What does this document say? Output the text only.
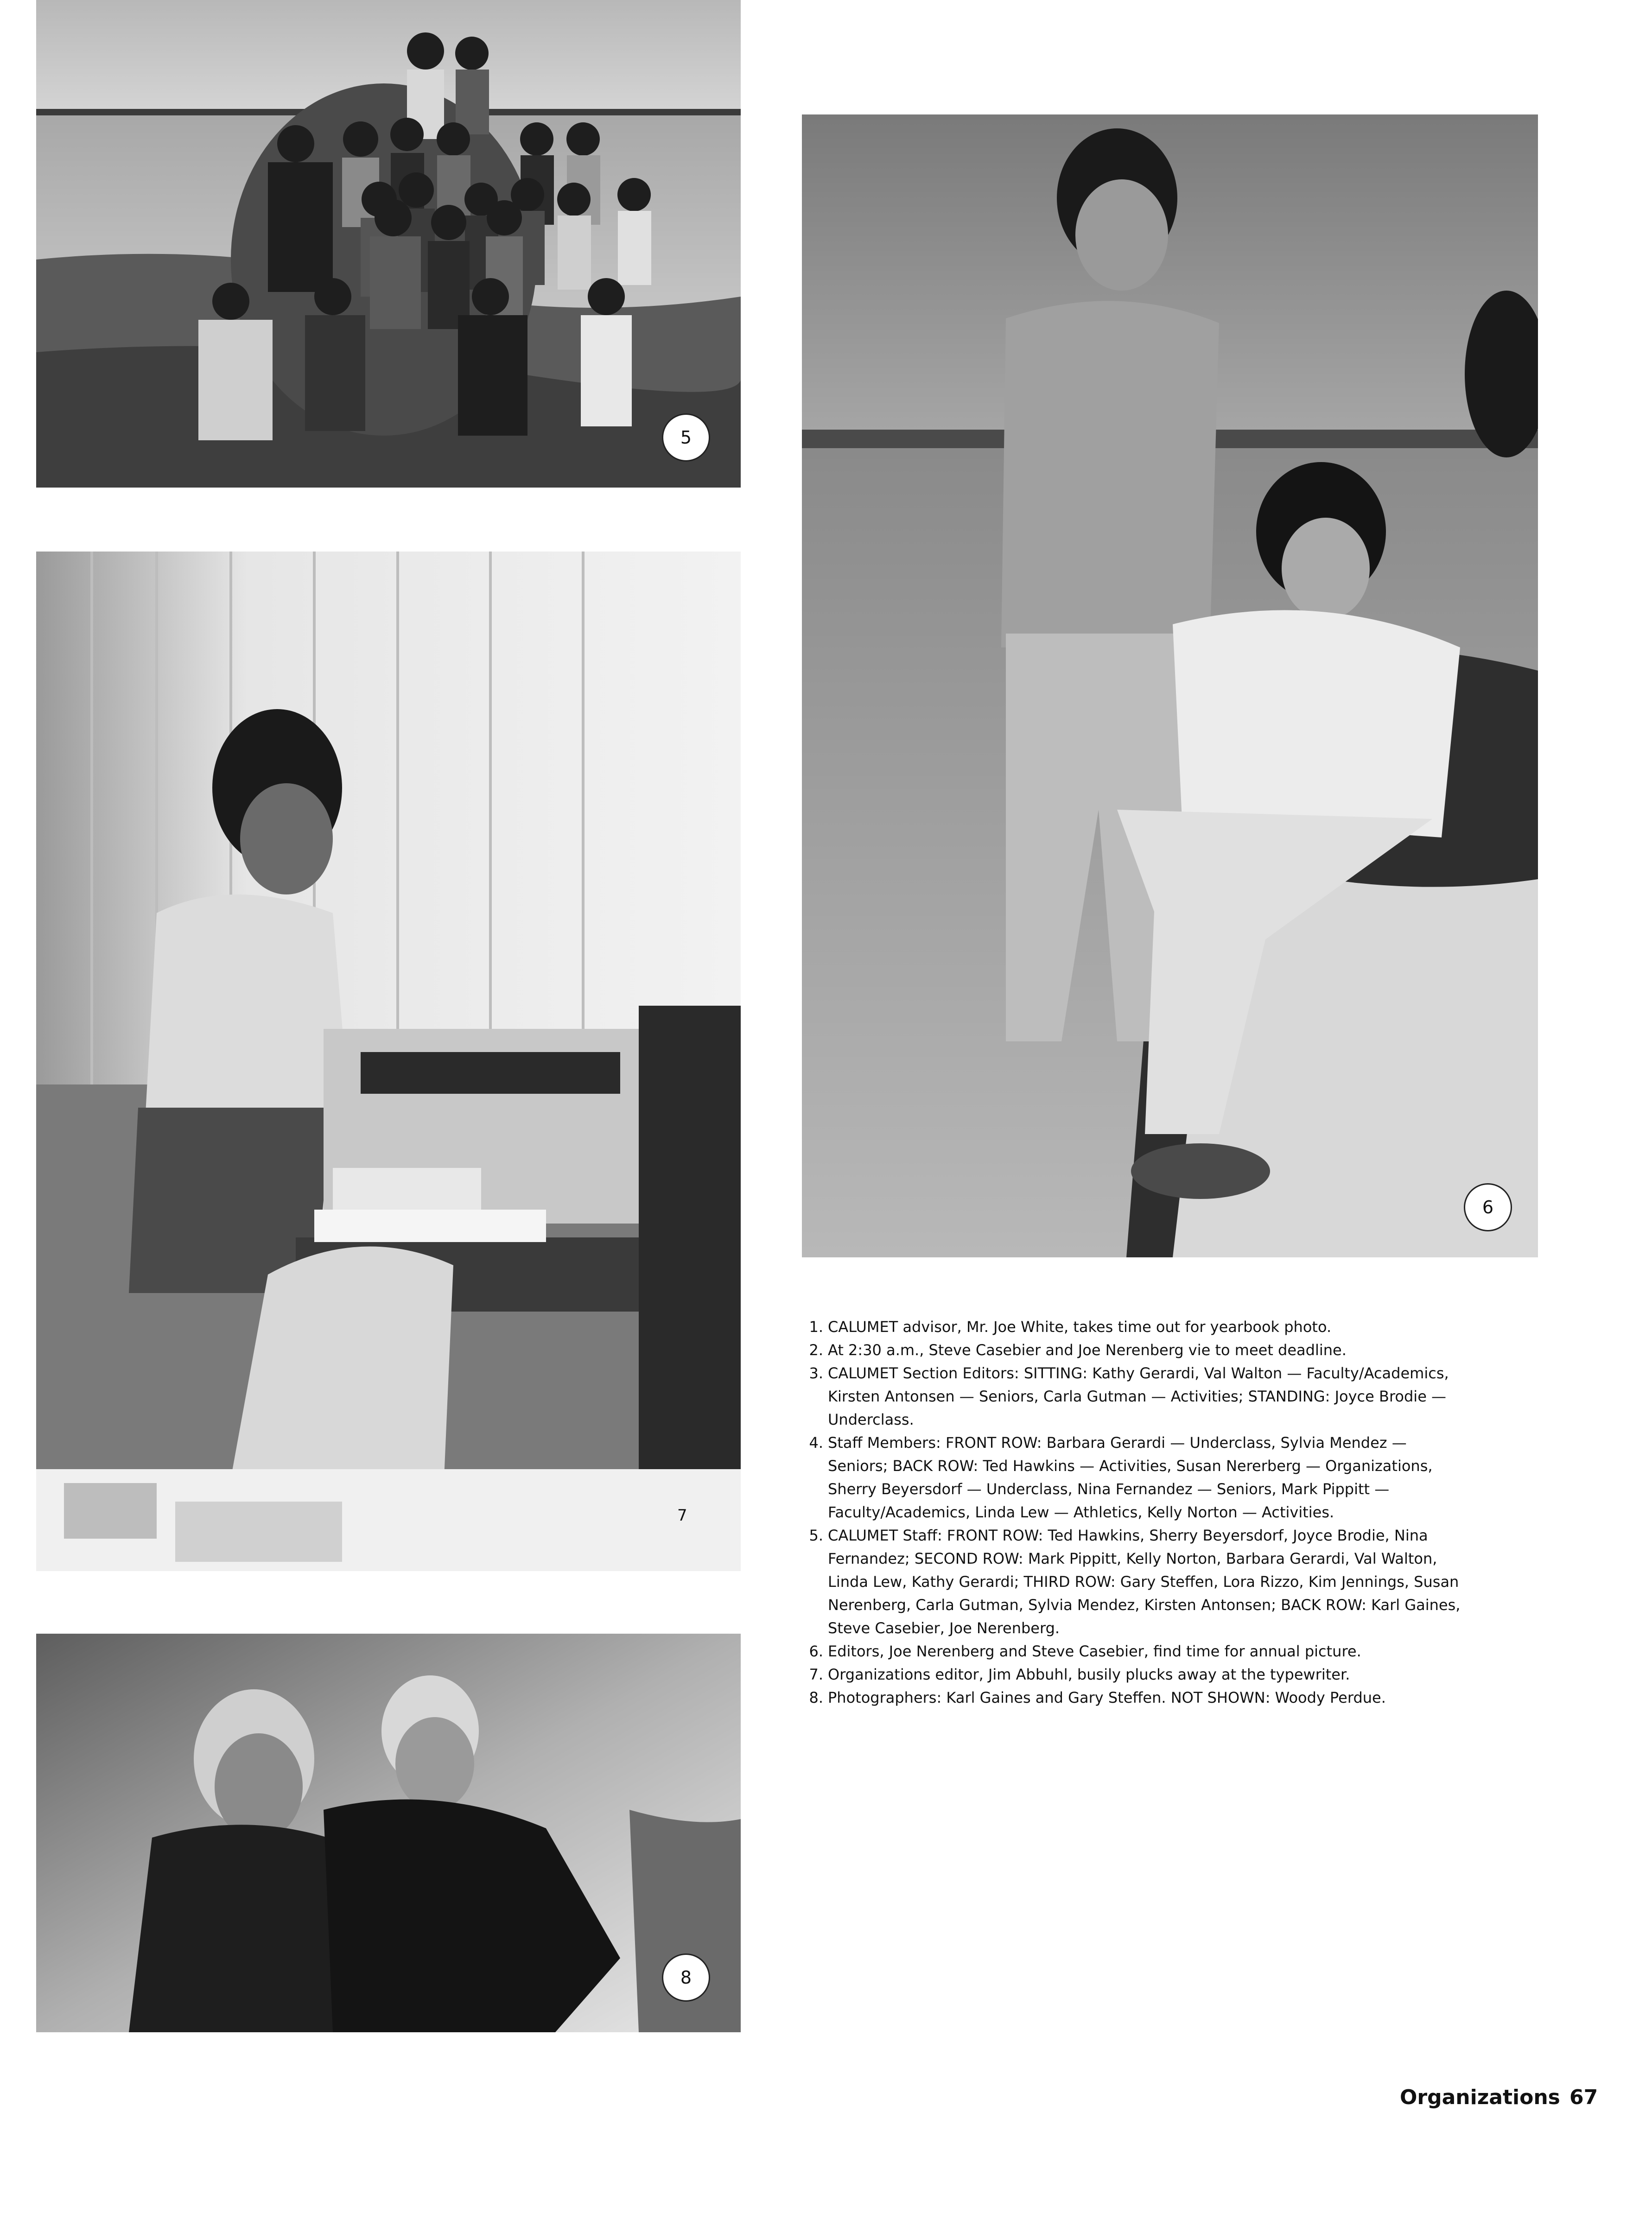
5
7
8
6
1. CALUMET advisor, Mr. Joe White, takes time out for yearbook photo.
2. At 2:30 a.m., Steve Casebier and Joe Nerenberg vie to meet deadline.
3. CALUMET Section Editors: SITTING: Kathy Gerardi, Val Walton — Faculty/Academics, Kirsten Antonsen — Seniors, Carla Gutman — Activities; STANDING: Joyce Brodie — Underclass.
4. Staff Members: FRONT ROW: Barbara Gerardi — Underclass, Sylvia Mendez — Seniors; BACK ROW: Ted Hawkins — Activities, Susan Nererberg — Organizations, Sherry Beyersdorf — Underclass, Nina Fernandez — Seniors, Mark Pippitt — Faculty/Academics, Linda Lew — Athletics, Kelly Norton — Activities.
5. CALUMET Staff: FRONT ROW: Ted Hawkins, Sherry Beyersdorf, Joyce Brodie, Nina Fernandez; SECOND ROW: Mark Pippitt, Kelly Norton, Barbara Gerardi, Val Walton, Linda Lew, Kathy Gerardi; THIRD ROW: Gary Steffen, Lora Rizzo, Kim Jennings, Susan Nerenberg, Carla Gutman, Sylvia Mendez, Kirsten Antonsen; BACK ROW: Karl Gaines, Steve Casebier, Joe Nerenberg.
6. Editors, Joe Nerenberg and Steve Casebier, find time for annual picture.
7. Organizations editor, Jim Abbuhl, busily plucks away at the typewriter.
8. Photographers: Karl Gaines and Gary Steffen. NOT SHOWN: Woody Perdue.
Organizations 67
